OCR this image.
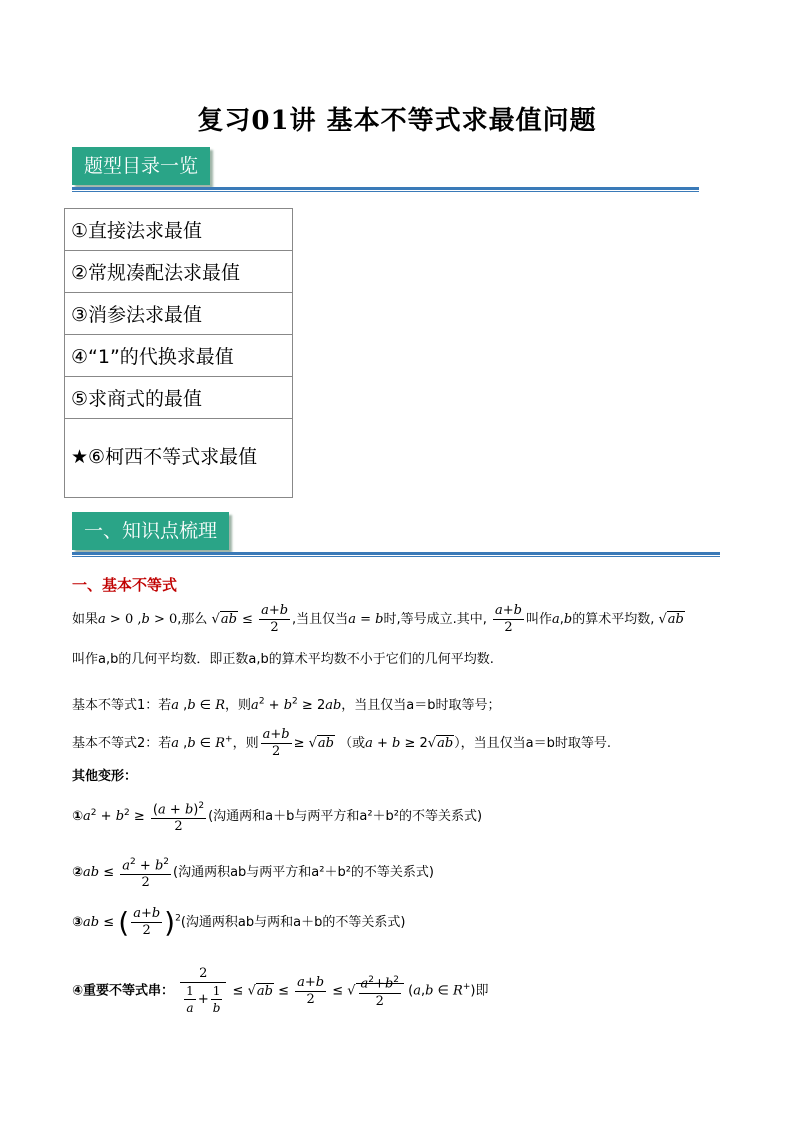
复习01讲 基本不等式求最值问题
题型目录一览
①直接法求最值
②常规凑配法求最值
③消参法求最值
④“1”的代换求最值
⑤求商式的最值
★⑥柯西不等式求最值
一、知识点梳理
一、基本不等式
如果a > 0 ,b > 0,那么 $√ab \le \frac{a+b}{2}$ ,当且仅当a = b时,等号成立.其中, $\frac{a+b}{2}$ 叫作a,b的算术平均数, √ab
叫作a,b的几何平均数．即正数a,b的算术平均数不小于它们的几何平均数.
基本不等式1：若a ,b ∈ R，则$a^2 + b^2 \ge 2ab$，当且仅当a＝b时取等号；
基本不等式2：若a ,b ∈ R+，则 $\frac{a+b}{2} \ge √ab$ （或a + b ≥ 2√ab），当且仅当a＝b时取等号.
其他变形：
$①a^2 + b^2 \ge \frac{(a + b)^2}{2}$ (沟通两和a＋b与两平方和a²＋b²的不等关系式)
②ab ≤ $\frac{a^2 + b^2}{2}$ (沟通两积ab与两平方和a²＋b²的不等关系式)
③ab ≤ ( $\frac{a+b}{2} )^2$(沟通两积ab与两和a＋b的不等关系式)
④重要不等式串： $\frac{2}{\frac{1}{a} + \frac{1}{b}} \le √ab \le \frac{a+b}{2}$ ≤ √ $\frac{a^2+b^2}{2} (a,b$ ∈ R+)即
